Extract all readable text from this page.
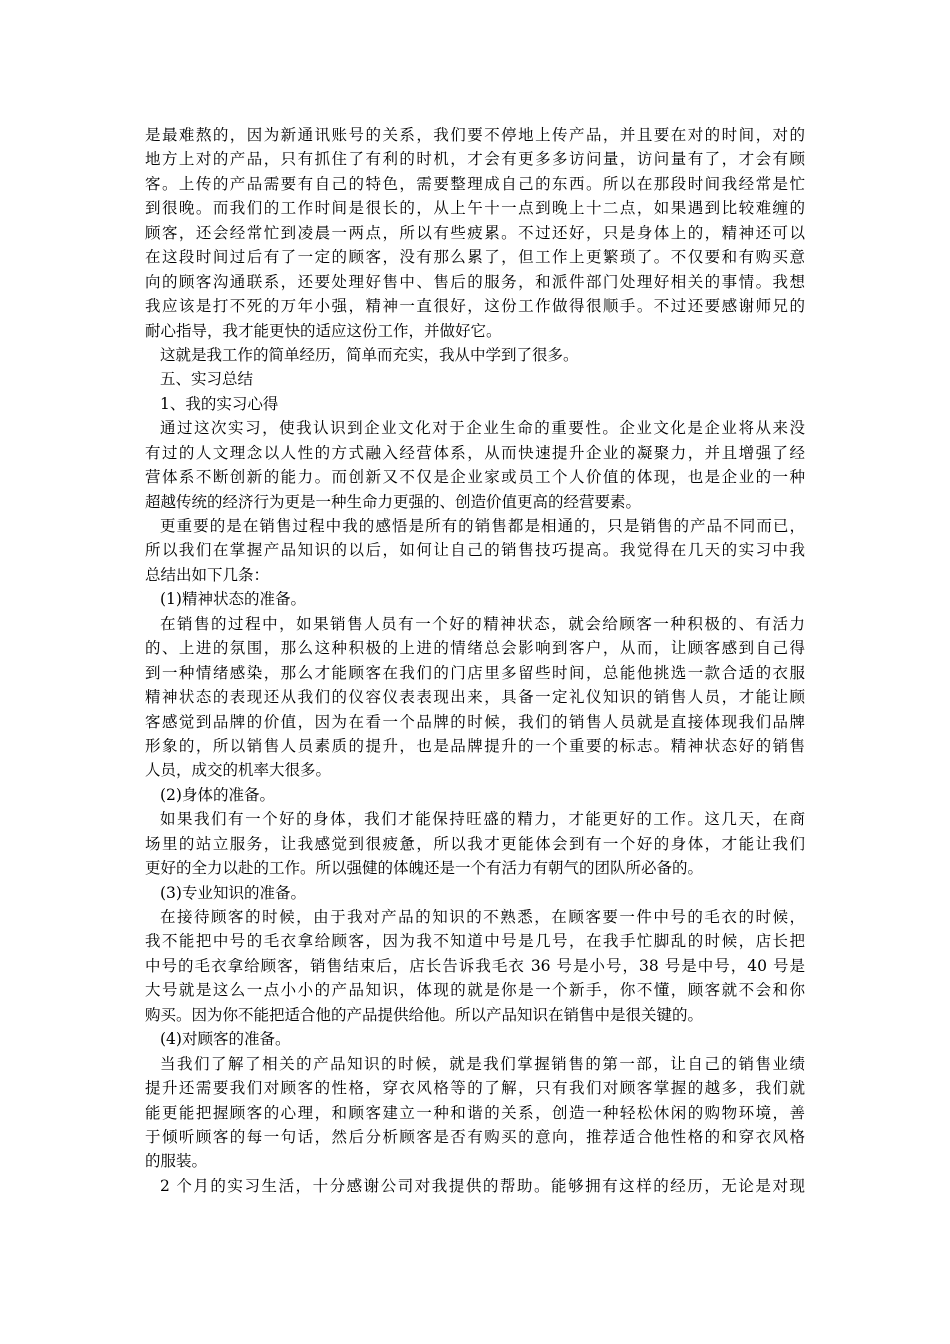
是最难熬的，因为新通讯账号的关系，我们要不停地上传产品，并且要在对的时间，对的
地方上对的产品，只有抓住了有利的时机，才会有更多多访问量，访问量有了，才会有顾
客。上传的产品需要有自己的特色，需要整理成自己的东西。所以在那段时间我经常是忙
到很晚。而我们的工作时间是很长的，从上午十一点到晚上十二点，如果遇到比较难缠的
顾客，还会经常忙到凌晨一两点，所以有些疲累。不过还好，只是身体上的，精神还可以
在这段时间过后有了一定的顾客，没有那么累了，但工作上更繁琐了。不仅要和有购买意
向的顾客沟通联系，还要处理好售中、售后的服务，和派件部门处理好相关的事情。我想
我应该是打不死的万年小强，精神一直很好，这份工作做得很顺手。不过还要感谢师兄的
耐心指导，我才能更快的适应这份工作，并做好它。
这就是我工作的简单经历，简单而充实，我从中学到了很多。
五、实习总结
1、我的实习心得
通过这次实习，使我认识到企业文化对于企业生命的重要性。企业文化是企业将从来没
有过的人文理念以人性的方式融入经营体系，从而快速提升企业的凝聚力，并且增强了经
营体系不断创新的能力。而创新又不仅是企业家或员工个人价值的体现，也是企业的一种
超越传统的经济行为更是一种生命力更强的、创造价值更高的经营要素。
更重要的是在销售过程中我的感悟是所有的销售都是相通的，只是销售的产品不同而已，
所以我们在掌握产品知识的以后，如何让自己的销售技巧提高。我觉得在几天的实习中我
总结出如下几条：
(1)精神状态的准备。
在销售的过程中，如果销售人员有一个好的精神状态，就会给顾客一种积极的、有活力
的、上进的氛围，那么这种积极的上进的情绪总会影响到客户，从而，让顾客感到自己得
到一种情绪感染，那么才能顾客在我们的门店里多留些时间，总能他挑选一款合适的衣服
精神状态的表现还从我们的仪容仪表表现出来，具备一定礼仪知识的销售人员，才能让顾
客感觉到品牌的价值，因为在看一个品牌的时候，我们的销售人员就是直接体现我们品牌
形象的，所以销售人员素质的提升，也是品牌提升的一个重要的标志。精神状态好的销售
人员，成交的机率大很多。
(2)身体的准备。
如果我们有一个好的身体，我们才能保持旺盛的精力，才能更好的工作。这几天，在商
场里的站立服务，让我感觉到很疲惫，所以我才更能体会到有一个好的身体，才能让我们
更好的全力以赴的工作。所以强健的体魄还是一个有活力有朝气的团队所必备的。
(3)专业知识的准备。
在接待顾客的时候，由于我对产品的知识的不熟悉，在顾客要一件中号的毛衣的时候，
我不能把中号的毛衣拿给顾客，因为我不知道中号是几号，在我手忙脚乱的时候，店长把
中号的毛衣拿给顾客，销售结束后，店长告诉我毛衣 36 号是小号，38 号是中号，40 号是
大号就是这么一点小小的产品知识，体现的就是你是一个新手，你不懂，顾客就不会和你
购买。因为你不能把适合他的产品提供给他。所以产品知识在销售中是很关键的。
(4)对顾客的准备。
当我们了解了相关的产品知识的时候，就是我们掌握销售的第一部，让自己的销售业绩
提升还需要我们对顾客的性格，穿衣风格等的了解，只有我们对顾客掌握的越多，我们就
能更能把握顾客的心理，和顾客建立一种和谐的关系，创造一种轻松休闲的购物环境，善
于倾听顾客的每一句话，然后分析顾客是否有购买的意向，推荐适合他性格的和穿衣风格
的服装。
2 个月的实习生活，十分感谢公司对我提供的帮助。能够拥有这样的经历，无论是对现
